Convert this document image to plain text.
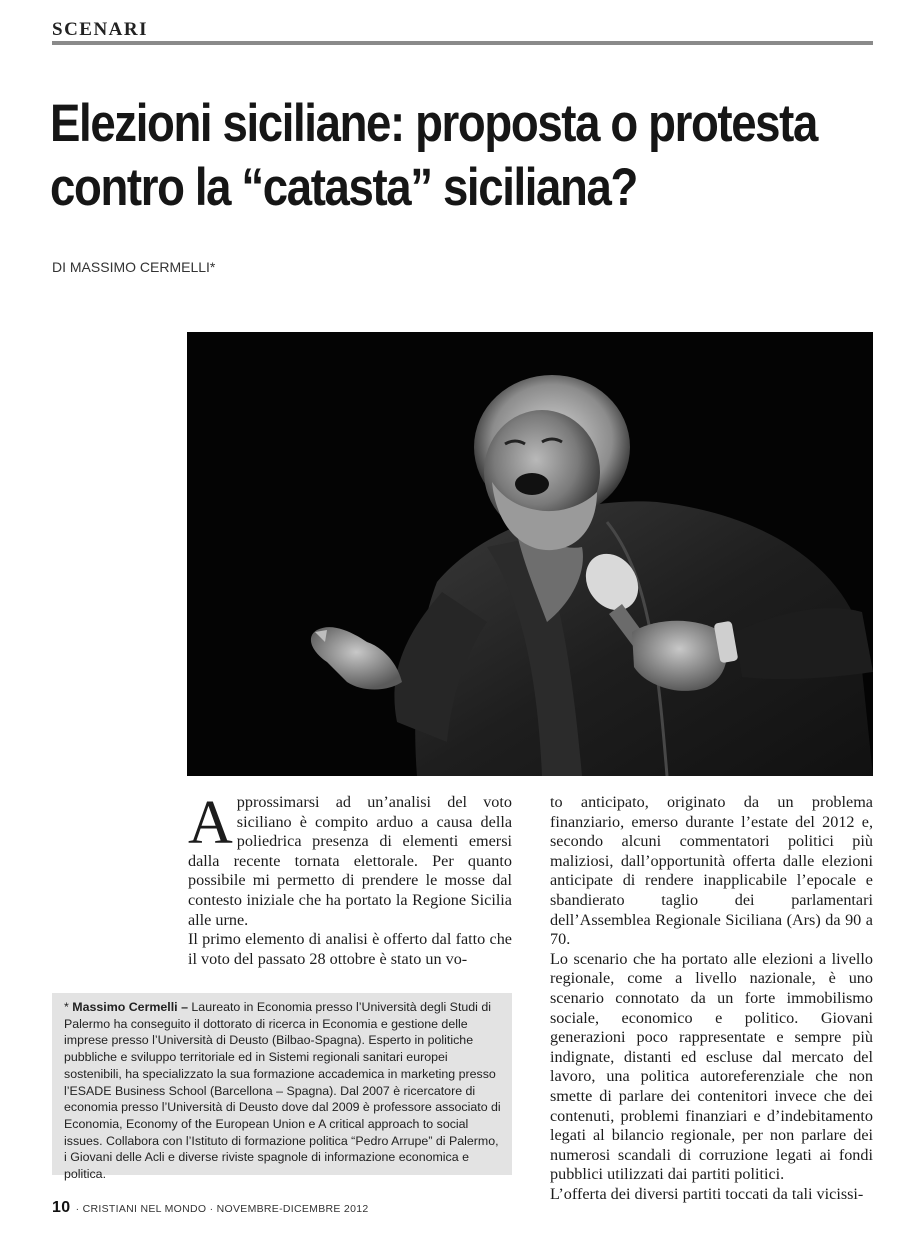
SCENARI
Elezioni siciliane: proposta o protesta
contro la “catasta” siciliana?
DI MASSIMO CERMELLI*
A pprossimarsi ad un’analisi del voto siciliano è compito arduo a causa della poliedrica presenza di elementi emersi dalla recente tornata elettorale. Per quanto possibile mi permetto di prendere le mosse dal contesto iniziale che ha portato la Regione Sicilia alle urne.

Il primo elemento di analisi è offerto dal fatto che il voto del passato 28 ottobre è stato un vo-

to anticipato, originato da un problema finanziario, emerso durante l’estate del 2012 e, secondo alcuni commentatori politici più maliziosi, dall’opportunità offerta dalle elezioni anticipate di rendere inapplicabile l’epocale e sbandierato taglio dei parlamentari dell’Assemblea Regionale Siciliana (Ars) da 90 a 70.

Lo scenario che ha portato alle elezioni a livello regionale, come a livello nazionale, è uno scenario connotato da un forte immobilismo sociale, economico e politico. Giovani generazioni poco rappresentate e sempre più indignate, distanti ed escluse dal mercato del lavoro, una politica autoreferenziale che non smette di parlare dei contenitori invece che dei contenuti, problemi finanziari e d’indebitamento legati al bilancio regionale, per non parlare dei numerosi scandali di corruzione legati ai fondi pubblici utilizzati dai partiti politici.

L’offerta dei diversi partiti toccati da tali vicissi-

* Massimo Cermelli – Laureato in Economia presso l’Università degli Studi di Palermo ha conseguito il dottorato di ricerca in Economia e gestione delle imprese presso l’Università di Deusto (Bilbao-Spagna). Esperto in politiche pubbliche e sviluppo territoriale ed in Sistemi regionali sanitari europei sostenibili, ha specializzato la sua formazione accademica in marketing presso l’ESADE Business School (Barcellona – Spagna). Dal 2007 è ricercatore di economia presso l’Università di Deusto dove dal 2009 è professore associato di Economia, Economy of the European Union e A critical approach to social issues. Collabora con l’Istituto di formazione politica “Pedro Arrupe” di Palermo, i Giovani delle Acli e diverse riviste spagnole di informazione economica e politica.
10 · CRISTIANI NEL MONDO · NOVEMBRE-DICEMBRE 2012
